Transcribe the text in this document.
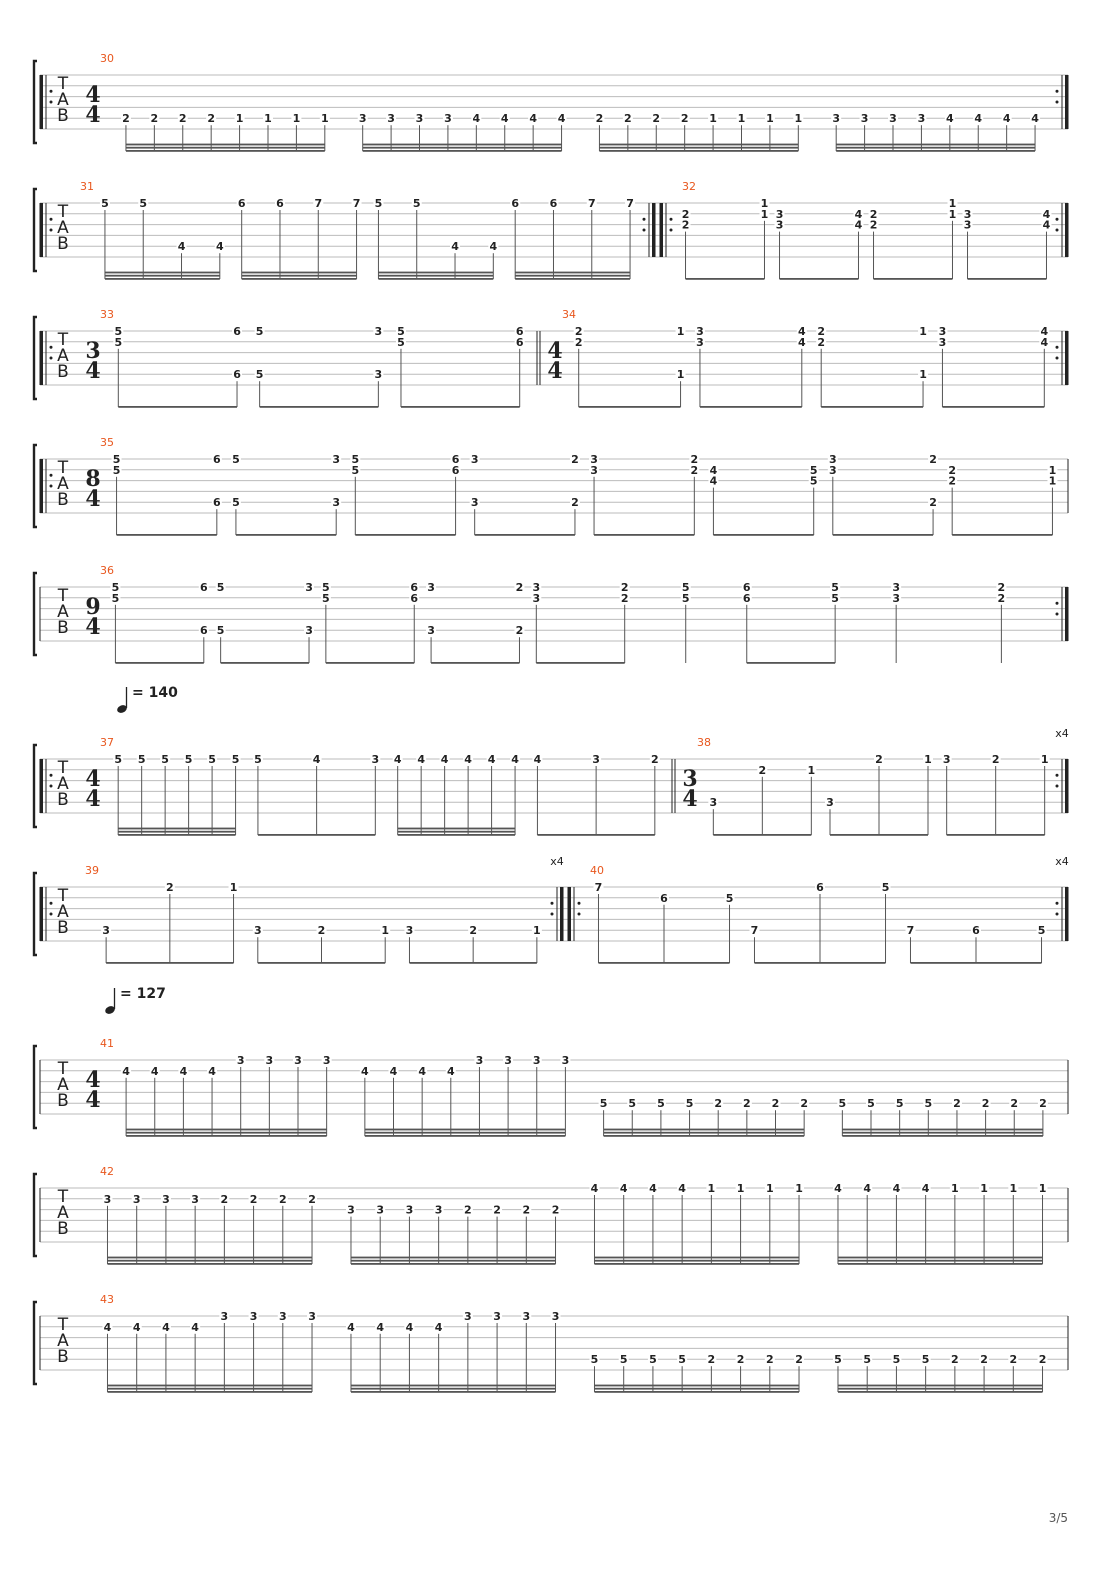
T
A
B
30
4
4 2 2 2 2 1 1 1 1	3 3 3 3 4 4 4 4	2 2 2 2 1 1 1 1	3 3 3 3 4 4 4 4
T
A
B
31
5	5
4	4
6	6	7	7 5	5
4	4
6	6	7	7
32
2
2	1
1
3
3
4
4
2
2	1
1
3
3
4
4
T
A
B
33
3
4
5
5	6
6
5
5
3
3
5
5
6
6
34
4
4
2
2	1
1
3
3
4
4
2
2	1
1
3
3
4
4
T
A
B
35
8
4
5
5	6
6
5
5
3
3
5
5
6
6 3
3
2
2
3
3
2
2
4
4
5
5 3
3	2
2
2
2
1
1
T
A
B
36
9
4
5
5	6
6
5
5
3
3
5
5
6
6 3
3
2
2
3
3
2
2
5
5
6
6
5
5
3
3
2
2
T
A
B
= 140
37
4
4
5 5 5 5 5 5 5	4	3 4 4 4 4 4 4 4	3	2
x4
38
3
4 3
2	1
3
2	1 3	2	1
T
A
B
x4
39
3
2	1
3	2	1 3	2	1
x4
40
7
6	5
7
6	5
7	6	5
T
A
B
= 127
41
4
4
4 4 4 4
3 3 3 3
4 4 4 4
3 3 3 3
5 5 5 5 2 2 2 2	5 5 5 5 2 2 2 2
T
A
B
42
3 3 3 3 2 2 2 2
3 3 3 3 2 2 2 2
4 4 4 4 1 1 1 1	4 4 4 4 1 1 1 1
T
A
B
43
4 4 4 4
3 3 3 3
4 4 4 4
3 3 3 3
5 5 5 5 2 2 2 2	5 5 5 5 2 2 2 2
3/5
